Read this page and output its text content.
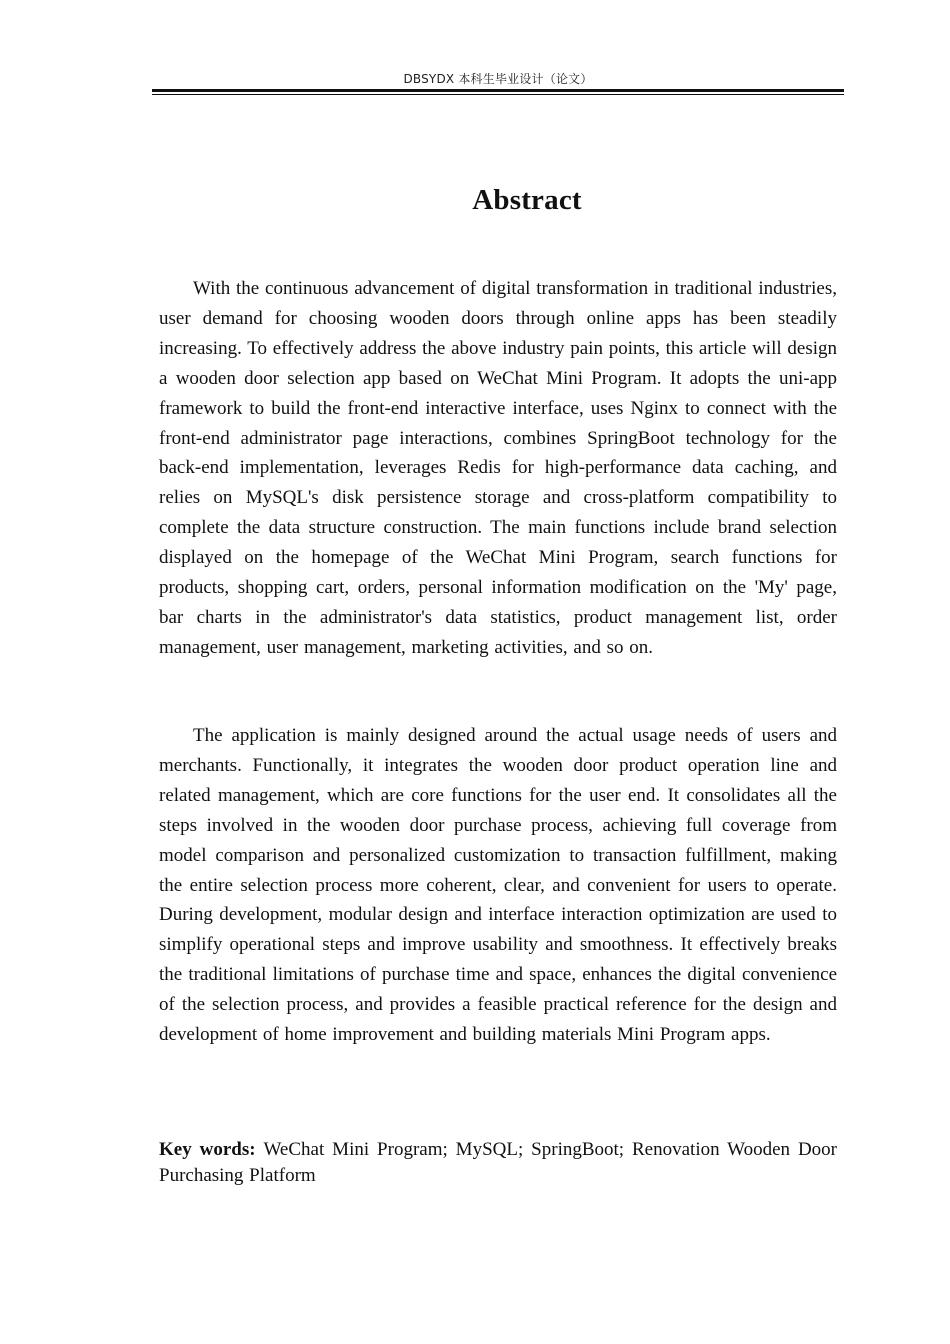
DBSYDX 本科生毕业设计（论文）
Abstract

With the continuous advancement of digital transformation in traditional industries, user demand for choosing wooden doors through online apps has been steadily increasing. To effectively address the above industry pain points, this article will design a wooden door selection app based on WeChat Mini Program. It adopts the uni-app framework to build the front-end interactive interface, uses Nginx to connect with the front-end administrator page interactions, combines SpringBoot technology for the back-end implementation, leverages Redis for high-performance data caching, and relies on MySQL's disk persistence storage and cross-platform compatibility to complete the data structure construction. The main functions include brand selection displayed on the homepage of the WeChat Mini Program, search functions for products, shopping cart, orders, personal information modification on the 'My' page, bar charts in the administrator's data statistics, product management list, order management, user management, marketing activities, and so on.

The application is mainly designed around the actual usage needs of users and merchants. Functionally, it integrates the wooden door product operation line and related management, which are core functions for the user end. It consolidates all the steps involved in the wooden door purchase process, achieving full coverage from model comparison and personalized customization to transaction fulfillment, making the entire selection process more coherent, clear, and convenient for users to operate. During development, modular design and interface interaction optimization are used to simplify operational steps and improve usability and smoothness. It effectively breaks the traditional limitations of purchase time and space, enhances the digital convenience of the selection process, and provides a feasible practical reference for the design and development of home improvement and building materials Mini Program apps.

Key words: WeChat Mini Program; MySQL; SpringBoot; Renovation Wooden Door Purchasing Platform
